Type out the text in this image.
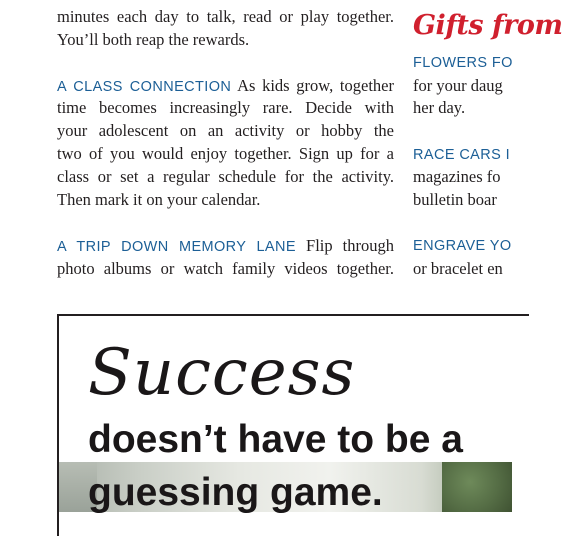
minutes each day to talk, read or play together.
You’ll both reap the rewards.
A CLASS CONNECTION As kids grow, together
time becomes increasingly rare. Decide with
your adolescent on an activity or hobby the
two of you would enjoy together. Sign up for a
class or set a regular schedule for the activity.
Then mark it on your calendar.
A TRIP DOWN MEMORY LANE Flip through
photo albums or watch family videos together.
Gifts from
FLOWERS FO
for your daug
her day.
RACE CARS I
magazines fo
bulletin boar
ENGRAVE YO
or bracelet en
Success
doesn’t have to be a
guessing game.
